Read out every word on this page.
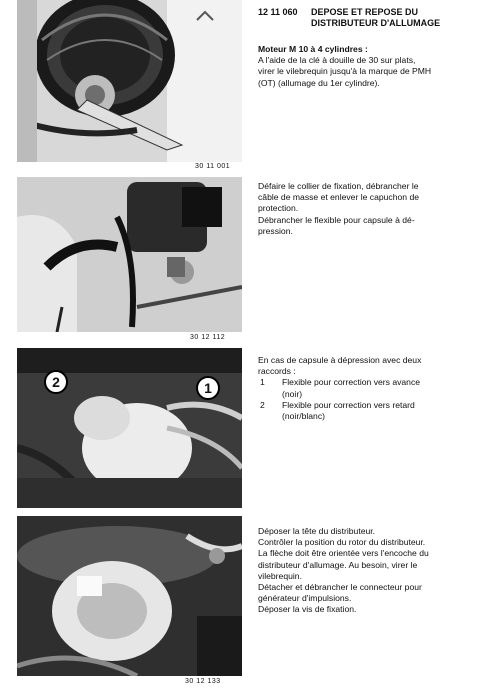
12 11 060 DEPOSE ET REPOSE DU DISTRIBUTEUR D'ALLUMAGE
30 11 001

Moteur M 10 à 4 cylindres :

A l'aide de la clé à douille de 30 sur plats,

virer le vilebrequin jusqu'à la marque de PMH

(OT) (allumage du 1er cylindre).

30 12 112

Défaire le collier de fixation, débrancher le

câble de masse et enlever le capuchon de

protection.

Débrancher le flexible pour capsule à dé-

pression.

2	1

En cas de capsule à dépression avec deux

raccords :

1	Flexible pour correction vers avance

(noir)

2	Flexible pour correction vers retard

(noir/blanc)

30 12 133

Déposer la tête du distributeur.

Contrôler la position du rotor du distributeur.

La flèche doit être orientée vers l'encoche du

distributeur d'allumage. Au besoin, virer le

vilebrequin.

Détacher et débrancher le connecteur pour

générateur d'impulsions.

Déposer la vis de fixation.
